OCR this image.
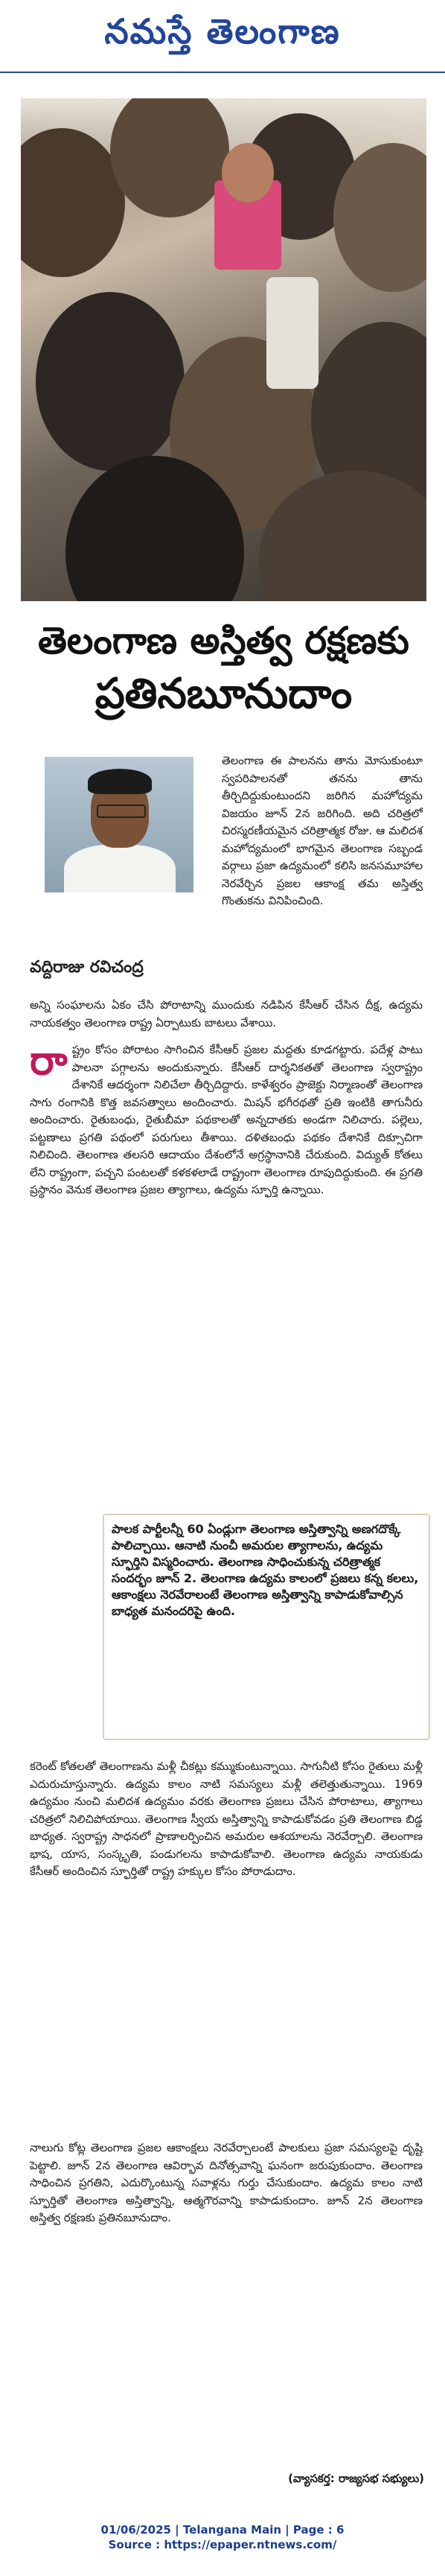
నమస్తే తెలంగాణ
తెలంగాణ అస్తిత్వ రక్షణకు
ప్రతినబూనుదాం
వద్దిరాజు రవిచంద్ర
తెలంగాణ ఈ పాలనను తాను మోసుకుంటూ స్వపరిపాలనతో తనను తాను తీర్చిదిద్దుకుంటుందని జరిగిన మహోద్యమ విజయం జూన్ 2న జరిగింది. అది చరిత్రలో చిరస్మరణీయమైన చరిత్రాత్మక రోజు. ఆ మలిదశ మహోద్యమంలో భాగమైన తెలంగాణ సబ్బండ వర్గాలు ప్రజా ఉద్యమంలో కలిసి జనసమూహాల నెరవేర్చిన ప్రజల ఆకాంక్ష తమ అస్తిత్వ గొంతుకను వినిపించింది.
అన్ని సంఘాలను ఏకం చేసి పోరాటాన్ని ముందుకు నడిపిన కేసీఆర్ చేసిన దీక్ష, ఉద్యమ నాయకత్వం తెలంగాణ రాష్ట్ర ఏర్పాటుకు బాటలు వేశాయి.
రాష్ట్రం కోసం పోరాటం సాగించిన కేసీఆర్ ప్రజల మద్దతు కూడగట్టారు. పదేళ్ల పాటు పాలనా పగ్గాలను అందుకున్నారు. కేసీఆర్ దార్శనికతతో తెలంగాణ స్వరాష్ట్రం దేశానికే ఆదర్శంగా నిలిచేలా తీర్చిదిద్దారు. కాళేశ్వరం ప్రాజెక్టు నిర్మాణంతో తెలంగాణ సాగు రంగానికి కొత్త జవసత్వాలు అందించారు. మిషన్ భగీరథతో ప్రతి ఇంటికి తాగునీరు అందించారు. రైతుబంధు, రైతుబీమా పథకాలతో అన్నదాతకు అండగా నిలిచారు. పల్లెలు, పట్టణాలు ప్రగతి పథంలో పరుగులు తీశాయి. దళితబంధు పథకం దేశానికే దిక్సూచిగా నిలిచింది. తెలంగాణ తలసరి ఆదాయం దేశంలోనే అగ్రస్థానానికి చేరుకుంది. విద్యుత్ కోతలు లేని రాష్ట్రంగా, పచ్చని పంటలతో కళకళలాడే రాష్ట్రంగా తెలంగాణ రూపుదిద్దుకుంది. ఈ ప్రగతి ప్రస్థానం వెనుక తెలంగాణ ప్రజల త్యాగాలు, ఉద్యమ స్ఫూర్తి ఉన్నాయి.
పాలక పార్టీలన్నీ 60 ఏండ్లుగా తెలంగాణ అస్తిత్వాన్ని అణగదొక్కే పాలిచ్చాయి. ఆనాటి నుంచీ అమరుల త్యాగాలను, ఉద్యమ స్ఫూర్తిని విస్మరించారు. తెలంగాణ సాధించుకున్న చరిత్రాత్మక సందర్భం జూన్ 2. తెలంగాణ ఉద్యమ కాలంలో ప్రజలు కన్న కలలు, ఆకాంక్షలు నెరవేరాలంటే తెలంగాణ అస్తిత్వాన్ని కాపాడుకోవాల్సిన బాధ్యత మనందరిపై ఉంది.
కరెంట్ కోతలతో తెలంగాణను మళ్లీ చీకట్లు కమ్ముకుంటున్నాయి. సాగునీటి కోసం రైతులు మళ్లీ ఎదురుచూస్తున్నారు. ఉద్యమ కాలం నాటి సమస్యలు మళ్లీ తలెత్తుతున్నాయి. 1969 ఉద్యమం నుంచి మలిదశ ఉద్యమం వరకు తెలంగాణ ప్రజలు చేసిన పోరాటాలు, త్యాగాలు చరిత్రలో నిలిచిపోయాయి. తెలంగాణ స్వీయ అస్తిత్వాన్ని కాపాడుకోవడం ప్రతి తెలంగాణ బిడ్డ బాధ్యత. స్వరాష్ట్ర సాధనలో ప్రాణాలర్పించిన అమరుల ఆశయాలను నెరవేర్చాలి. తెలంగాణ భాష, యాస, సంస్కృతి, పండుగలను కాపాడుకోవాలి. తెలంగాణ ఉద్యమ నాయకుడు కేసీఆర్ అందించిన స్ఫూర్తితో రాష్ట్ర హక్కుల కోసం పోరాడుదాం.
నాలుగు కోట్ల తెలంగాణ ప్రజల ఆకాంక్షలు నెరవేర్చాలంటే పాలకులు ప్రజా సమస్యలపై దృష్టి పెట్టాలి. జూన్ 2న తెలంగాణ ఆవిర్భావ దినోత్సవాన్ని ఘనంగా జరుపుకుందాం. తెలంగాణ సాధించిన ప్రగతిని, ఎదుర్కొంటున్న సవాళ్లను గుర్తు చేసుకుందాం. ఉద్యమ కాలం నాటి స్ఫూర్తితో తెలంగాణ అస్తిత్వాన్ని, ఆత్మగౌరవాన్ని కాపాడుకుందాం. జూన్ 2న తెలంగాణ అస్తిత్వ రక్షణకు ప్రతినబూనుదాం.
(వ్యాసకర్త: రాజ్యసభ సభ్యులు)
01/06/2025 | Telangana Main | Page : 6
Source : https://epaper.ntnews.com/
